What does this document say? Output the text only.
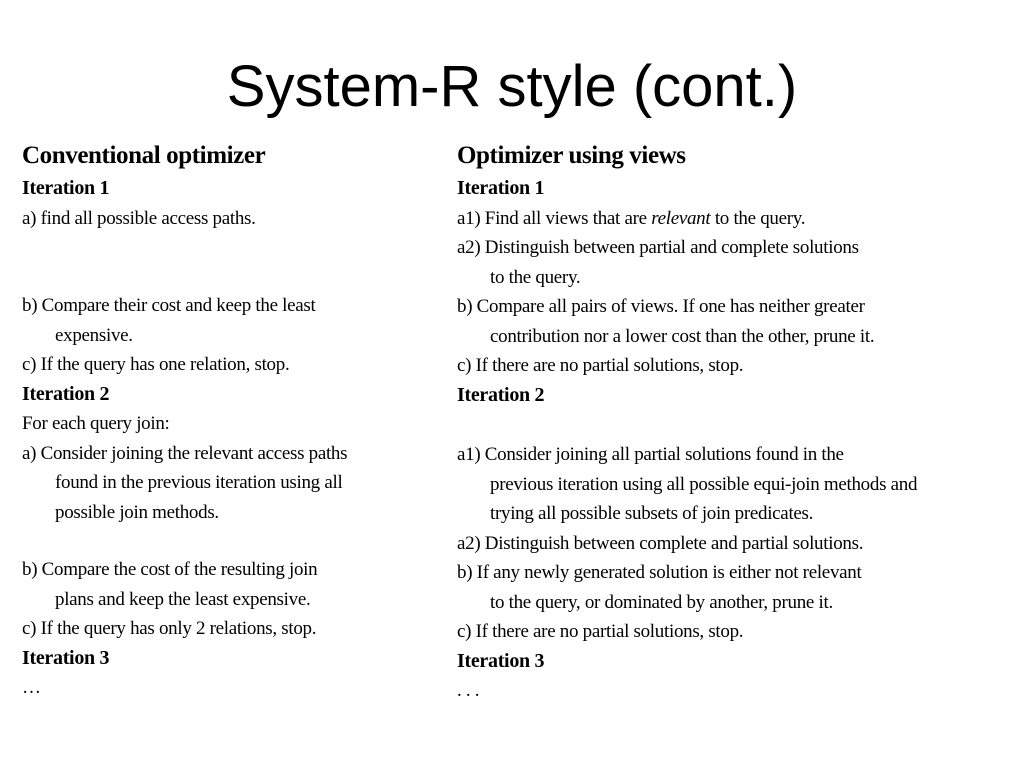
System-R style (cont.)
Conventional optimizer
Iteration 1
a) find all possible access paths.
b) Compare their cost and keep the least
expensive.
c) If the query has one relation, stop.
Iteration 2
For each query join:
a) Consider joining the relevant access paths
found in the previous iteration using all
possible join methods.
b) Compare the cost of the resulting join
plans and keep the least expensive.
c) If the query has only 2 relations, stop.
Iteration 3
…
Optimizer using views
Iteration 1
a1) Find all views that are relevant to the query.
a2) Distinguish between partial and complete solutions
to the query.
b) Compare all pairs of views. If one has neither greater
contribution nor a lower cost than the other, prune it.
c) If there are no partial solutions, stop.
Iteration 2
a1) Consider joining all partial solutions found in the
previous iteration using all possible equi-join methods and
trying all possible subsets of join predicates.
a2) Distinguish between complete and partial solutions.
b) If any newly generated solution is either not relevant
to the query, or dominated by another, prune it.
c) If there are no partial solutions, stop.
Iteration 3
. . .
